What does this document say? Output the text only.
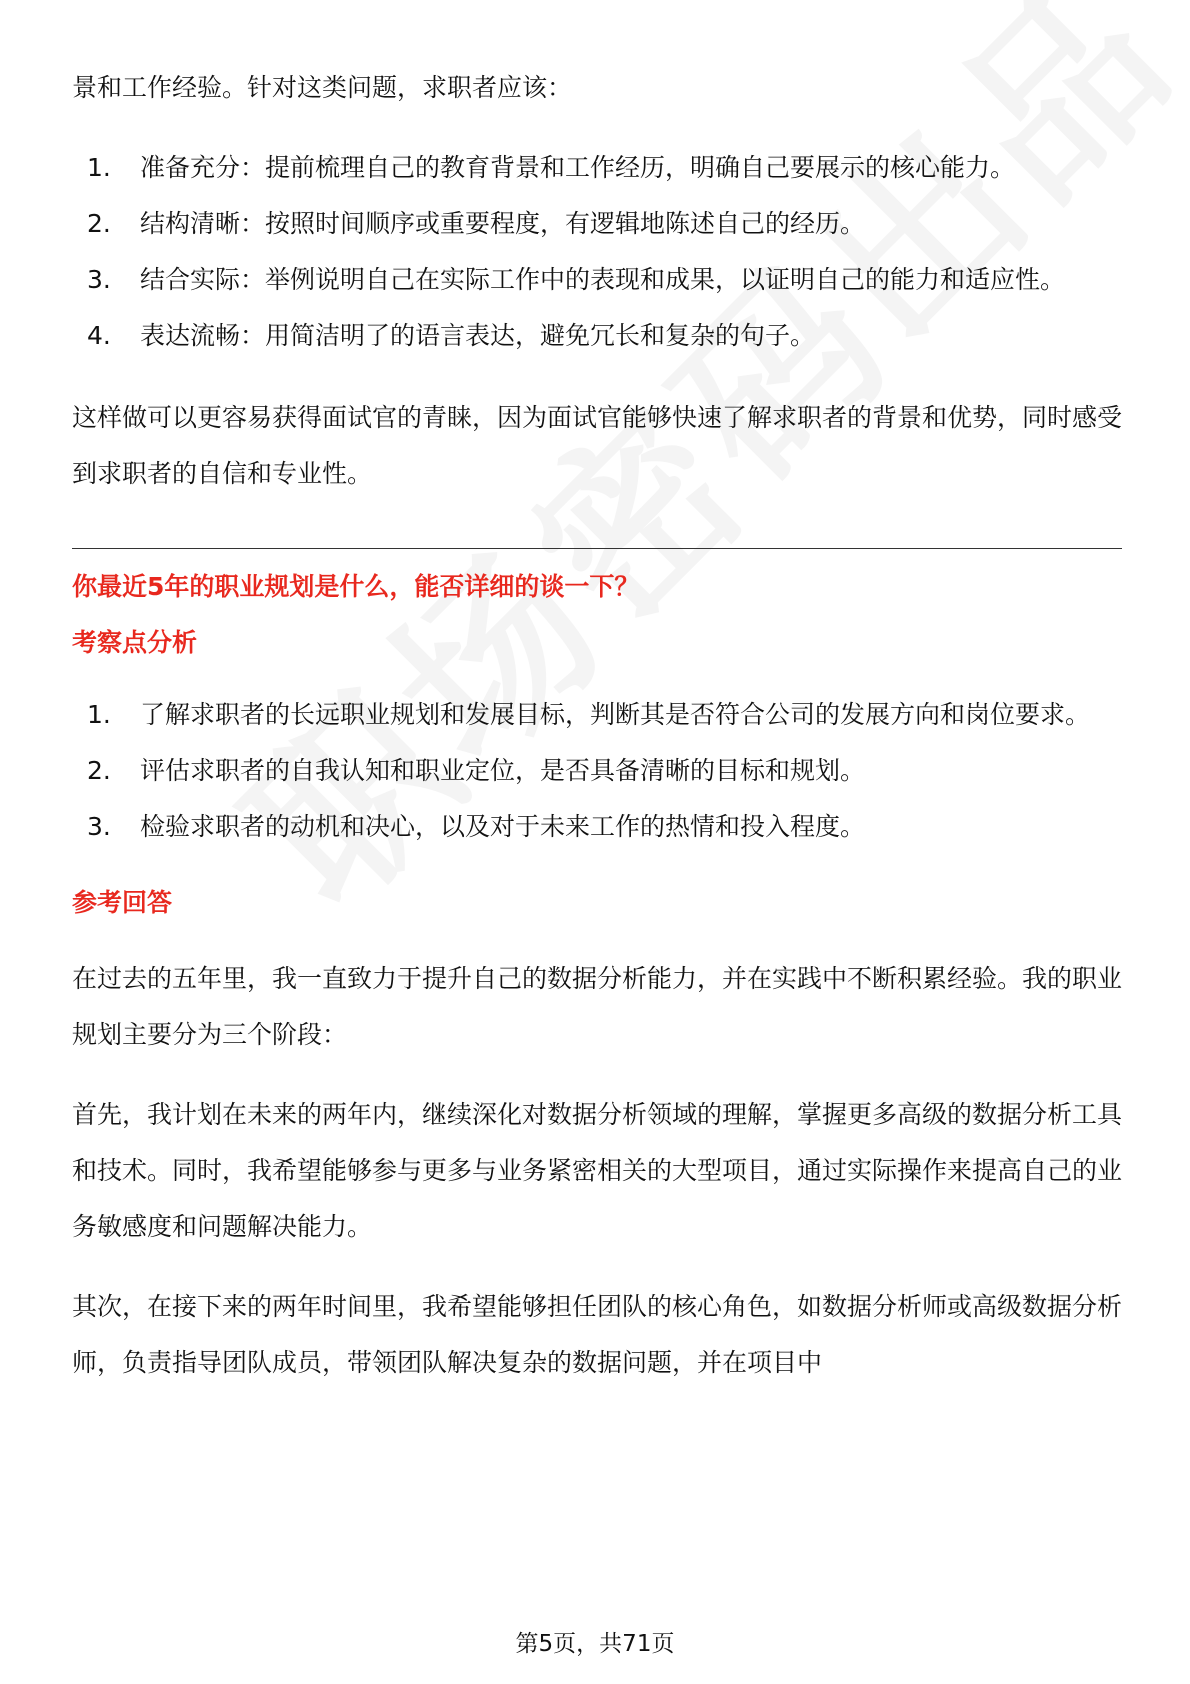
景和工作经验。针对这类问题，求职者应该：

1.	准备充分：提前梳理自己的教育背景和工作经历，明确自己要展示的核心能力。
2.	结构清晰：按照时间顺序或重要程度，有逻辑地陈述自己的经历。
3.	结合实际：举例说明自己在实际工作中的表现和成果，以证明自己的能力和适应性。
4.	表达流畅：用简洁明了的语言表达，避免冗长和复杂的句子。

这样做可以更容易获得面试官的青睐，因为面试官能够快速了解求职者的背景和优势，同时感受到求职者的自信和专业性。

你最近5年的职业规划是什么，能否详细的谈一下？

考察点分析

1.	了解求职者的长远职业规划和发展目标，判断其是否符合公司的发展方向和岗位要求。
2.	评估求职者的自我认知和职业定位，是否具备清晰的目标和规划。
3.	检验求职者的动机和决心，以及对于未来工作的热情和投入程度。

参考回答

在过去的五年里，我一直致力于提升自己的数据分析能力，并在实践中不断积累经验。我的职业规划主要分为三个阶段：

首先，我计划在未来的两年内，继续深化对数据分析领域的理解，掌握更多高级的数据分析工具和技术。同时，我希望能够参与更多与业务紧密相关的大型项目，通过实际操作来提高自己的业务敏感度和问题解决能力。

其次，在接下来的两年时间里，我希望能够担任团队的核心角色，如数据分析师或高级数据分析师，负责指导团队成员，带领团队解决复杂的数据问题，并在项目中

第5页，共71页
